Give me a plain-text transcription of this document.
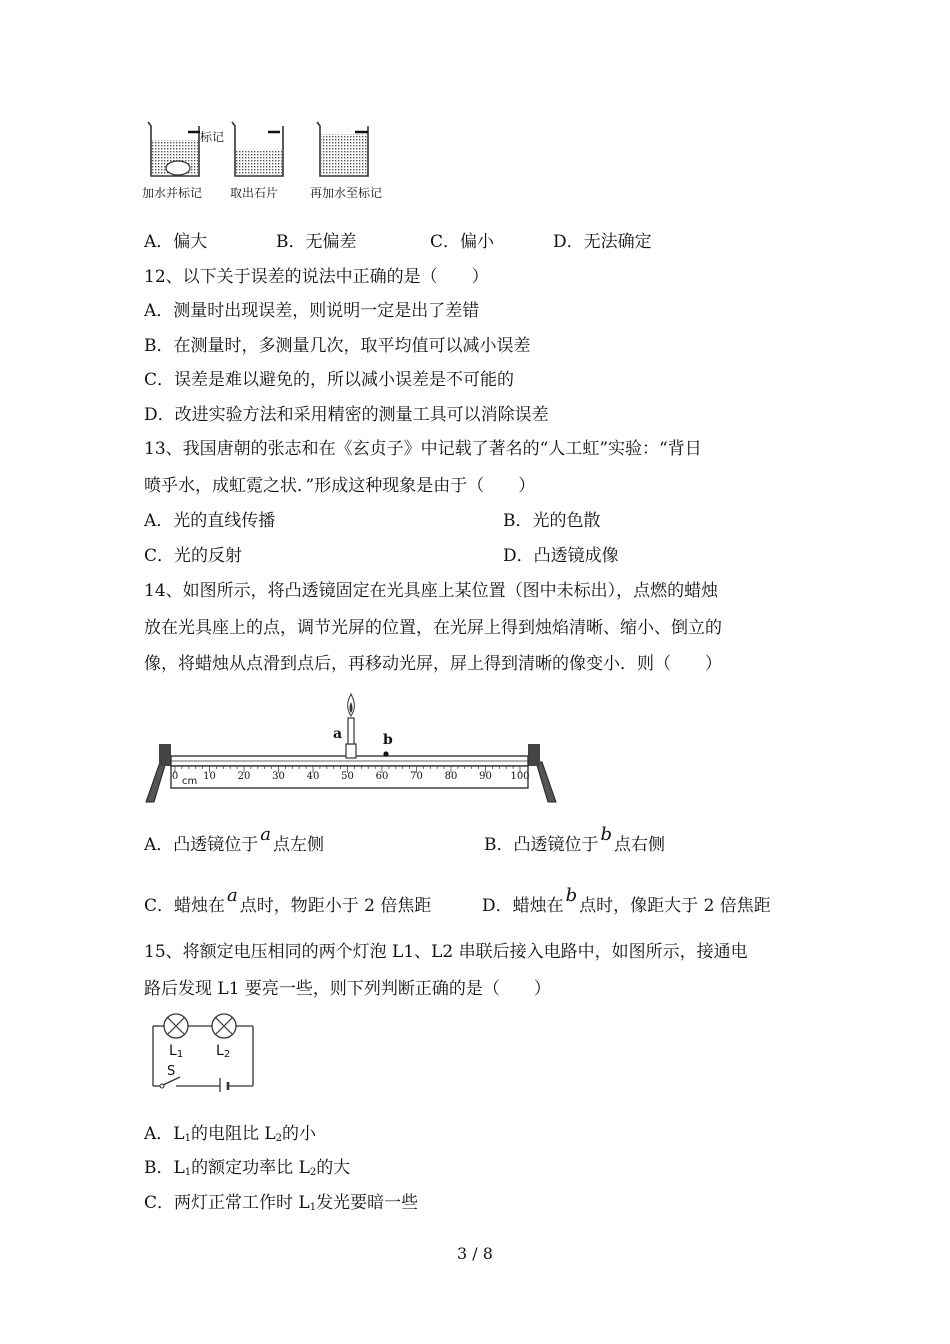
标记
加水并标记 取出石片	再加水至标记
A．偏大	B．无偏差	C．偏小	D．无法确定
12、以下关于误差的说法中正确的是（　　）
A．测量时出现误差，则说明一定是出了差错
B．在测量时，多测量几次，取平均值可以减小误差
C．误差是难以避免的，所以减小误差是不可能的
D．改进实验方法和采用精密的测量工具可以消除误差
13、我国唐朝的张志和在《玄贞子》中记载了著名的“人工虹”实验：“背日
喷乎水，成虹霓之状．”形成这种现象是由于（　　）
A．光的直线传播	B．光的色散
C．光的反射	D．凸透镜成像
14、如图所示，将凸透镜固定在光具座上某位置（图中未标出），点燃的蜡烛
放在光具座上的点，调节光屏的位置，在光屏上得到烛焰清晰、缩小、倒立的
像，将蜡烛从点滑到点后，再移动光屏，屏上得到清晰的像变小．则（　　）
a	b
0 10 20 30 40 50 60 70 80 90 100
cm
A．凸透镜位于 a 点左侧	B．凸透镜位于 b 点右侧
C．蜡烛在 a 点时，物距小于 2 倍焦距	D．蜡烛在 b 点时，像距大于 2 倍焦距
15、将额定电压相同的两个灯泡 L1、L2 串联后接入电路中，如图所示，接通电
路后发现 L1 要亮一些，则下列判断正确的是（　　）
$L_1$ $L_2$
S
A．$L_1$的电阻比 $L_2$的小
B．$L_1$的额定功率比 $L_2$的大
C．两灯正常工作时 $L_1$发光要暗一些
3 / 8
